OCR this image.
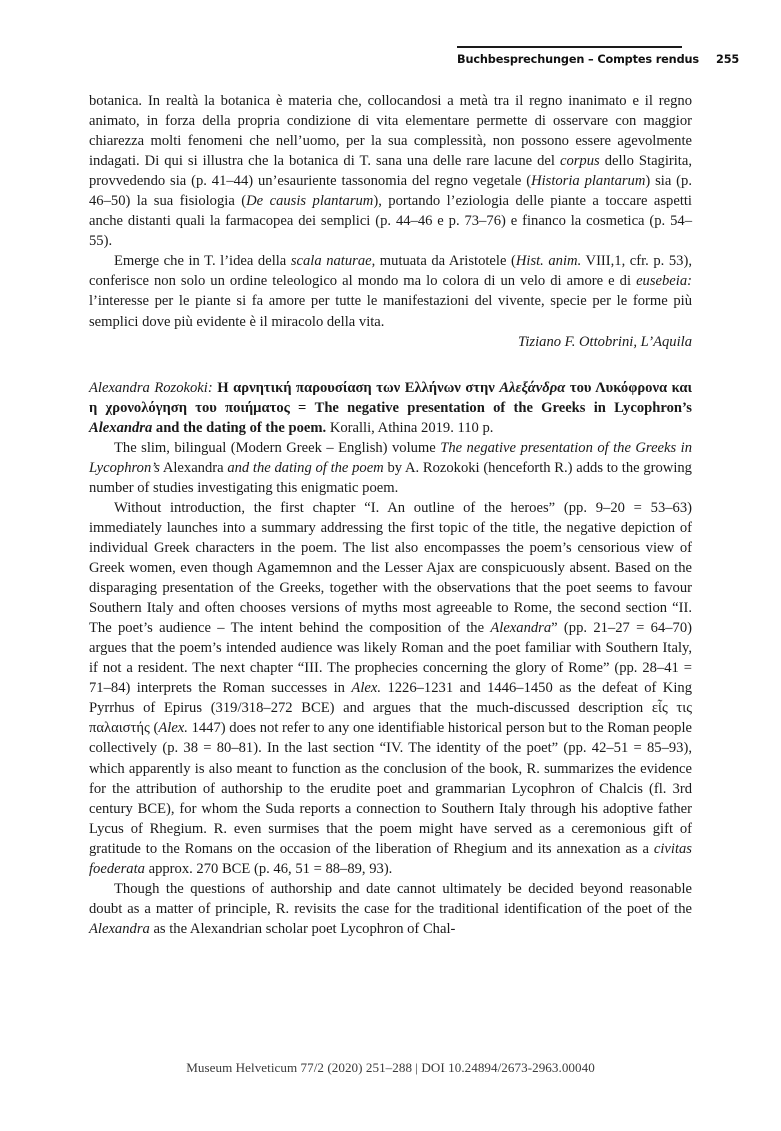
Buchbesprechungen – Comptes rendus 255

botanica. In realtà la botanica è materia che, collocandosi a metà tra il regno inanimato e il regno animato, in forza della propria condizione di vita elementare permette di osservare con maggior chiarezza molti fenomeni che nell’uomo, per la sua complessità, non possono essere agevolmente indagati. Di qui si illustra che la botanica di T. sana una delle rare lacune del corpus dello Stagirita, provvedendo sia (p. 41–44) un’esauriente tassonomia del regno vegetale (Historia plantarum) sia (p. 46–50) la sua fisiologia (De causis plantarum), portando l’eziologia delle piante a toccare aspetti anche distanti quali la farmacopea dei semplici (p. 44–46 e p. 73–76) e financo la cosmetica (p. 54–55).

Emerge che in T. l’idea della scala naturae, mutuata da Aristotele (Hist. anim. VIII,1, cfr. p. 53), conferisce non solo un ordine teleologico al mondo ma lo colora di un velo di amore e di eusebeia: l’interesse per le piante si fa amore per tutte le manifestazioni del vivente, specie per le forme più semplici dove più evidente è il miracolo della vita.

Tiziano F. Ottobrini, L’Aquila

Alexandra Rozokoki: Η αρνητική παρουσίαση των Ελλήνων στην Αλεξάνδρα του Λυκόφρονα και η χρονολόγηση του ποιήματος = The negative presentation of the Greeks in Lycophron’s Alexandra and the dating of the poem. Koralli, Athina 2019. 110 p.

The slim, bilingual (Modern Greek – English) volume The negative presentation of the Greeks in Lycophron’s Alexandra and the dating of the poem by A. Rozokoki (henceforth R.) adds to the growing number of studies investigating this enigmatic poem.

Without introduction, the first chapter “I. An outline of the heroes” (pp. 9–20 = 53–63) immediately launches into a summary addressing the first topic of the title, the negative depiction of individual Greek characters in the poem. The list also encompasses the poem’s censorious view of Greek women, even though Agamemnon and the Lesser Ajax are conspicuously absent. Based on the disparaging presentation of the Greeks, together with the observations that the poet seems to favour Southern Italy and often chooses versions of myths most agreeable to Rome, the second section “II. The poet’s audience – The intent behind the composition of the Alexandra” (pp. 21–27 = 64–70) argues that the poem’s intended audience was likely Roman and the poet familiar with Southern Italy, if not a resident. The next chapter “III. The prophecies concerning the glory of Rome” (pp. 28–41 = 71–84) interprets the Roman successes in Alex. 1226–1231 and 1446–1450 as the defeat of King Pyrrhus of Epirus (319/318–272 BCE) and argues that the much-discussed description εἷς τις παλαιστής (Alex. 1447) does not refer to any one identifiable historical person but to the Roman people collectively (p. 38 = 80–81). In the last section “IV. The identity of the poet” (pp. 42–51 = 85–93), which apparently is also meant to function as the conclusion of the book, R. summarizes the evidence for the attribution of authorship to the erudite poet and grammarian Lycophron of Chalcis (fl. 3rd century BCE), for whom the Suda reports a connection to Southern Italy through his adoptive father Lycus of Rhegium. R. even surmises that the poem might have served as a ceremonious gift of gratitude to the Romans on the occasion of the liberation of Rhegium and its annexation as a civitas foederata approx. 270 BCE (p. 46, 51 = 88–89, 93).

Though the questions of authorship and date cannot ultimately be decided beyond reasonable doubt as a matter of principle, R. revisits the case for the traditional identification of the poet of the Alexandra as the Alexandrian scholar poet Lycophron of Chal-

Museum Helveticum 77/2 (2020) 251–288 | DOI 10.24894/2673-2963.00040
